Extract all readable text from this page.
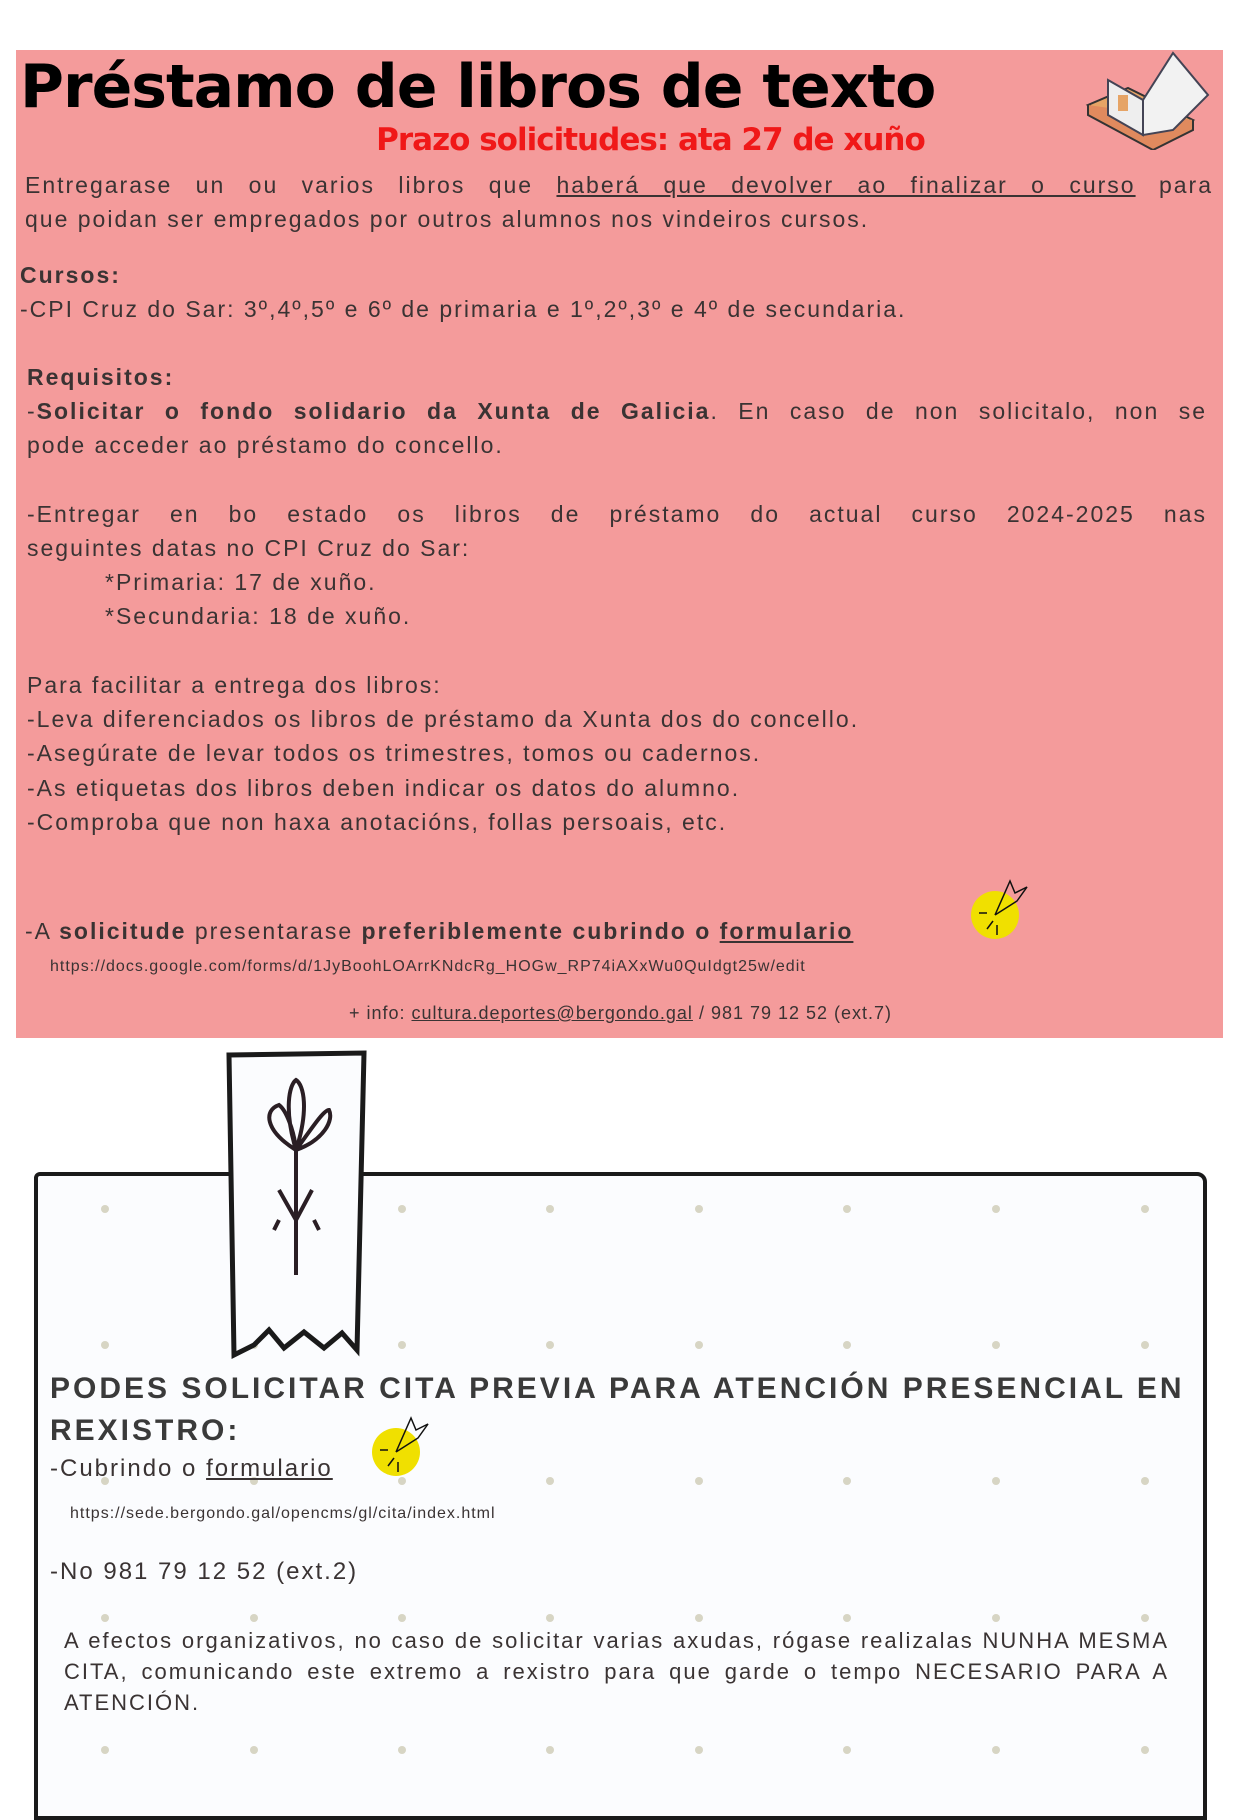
Préstamo de libros de texto
Prazo solicitudes: ata 27 de xuño
Entregarase un ou varios libros que haberá que devolver ao finalizar o curso para
que poidan ser empregados por outros alumnos nos vindeiros cursos.
Cursos:
-CPI Cruz do Sar: 3º,4º,5º e 6º de primaria e 1º,2º,3º e 4º de secundaria.
Requisitos:
-Solicitar o fondo solidario da Xunta de Galicia. En caso de non solicitalo, non se
pode acceder ao préstamo do concello.
-Entregar en bo estado os libros de préstamo do actual curso 2024-2025 nas
seguintes datas no CPI Cruz do Sar:
*Primaria: 17 de xuño.
*Secundaria: 18 de xuño.
Para facilitar a entrega dos libros:
-Leva diferenciados os libros de préstamo da Xunta dos do concello.
-Asegúrate de levar todos os trimestres, tomos ou cadernos.
-As etiquetas dos libros deben indicar os datos do alumno.
-Comproba que non haxa anotacións, follas persoais, etc.
-A solicitude presentarase preferiblemente cubrindo o formulario
https://docs.google.com/forms/d/1JyBoohLOArrKNdcRg_HOGw_RP74iAXxWu0QuIdgt25w/edit
+ info: cultura.deportes@bergondo.gal / 981 79 12 52 (ext.7)
PODES SOLICITAR CITA PREVIA PARA ATENCIÓN PRESENCIAL EN REXISTRO:
-Cubrindo o formulario
https://sede.bergondo.gal/opencms/gl/cita/index.html
-No 981 79 12 52 (ext.2)
A efectos organizativos, no caso de solicitar varias axudas, rógase realizalas NUNHA MESMA CITA, comunicando este extremo a rexistro para que garde o tempo NECESARIO PARA A ATENCIÓN.
